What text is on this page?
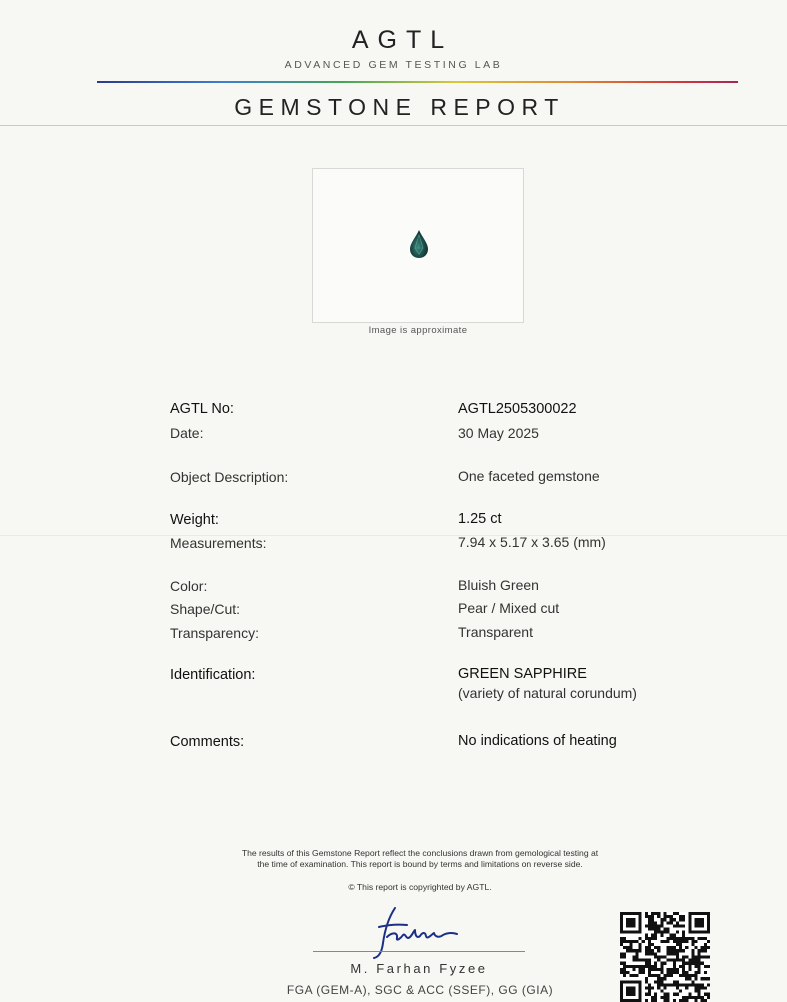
AGTL
ADVANCED GEM TESTING LAB
GEMSTONE REPORT
Image is approximate
AGTL No:	AGTL2505300022
Date:	30 May 2025
Object Description:	One faceted gemstone
Weight:	1.25 ct
Measurements:	7.94 x 5.17 x 3.65 (mm)
Color:	Bluish Green
Shape/Cut:	Pear / Mixed cut
Transparency:	Transparent
Identification:	GREEN SAPPHIRE
(variety of natural corundum)
Comments:	No indications of heating
The results of this Gemstone Report reflect the conclusions drawn from gemological testing at
the time of examination. This report is bound by terms and limitations on reverse side.
© This report is copyrighted by AGTL.
M. Farhan Fyzee
FGA (GEM-A), SGC & ACC (SSEF), GG (GIA)
